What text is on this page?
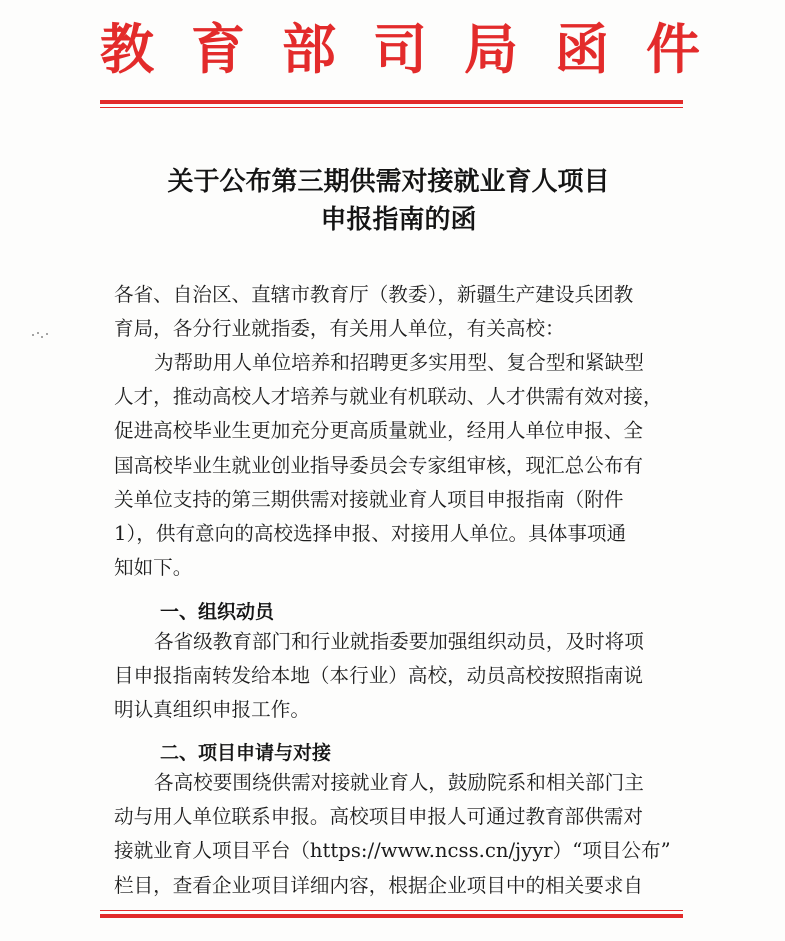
教 育 部 司 局 函 件
关于公布第三期供需对接就业育人项目
申报指南的函
各省、自治区、直辖市教育厅（教委），新疆生产建设兵团教
育局，各分行业就指委，有关用人单位，有关高校：
为帮助用人单位培养和招聘更多实用型、复合型和紧缺型
人才，推动高校人才培养与就业有机联动、人才供需有效对接，
促进高校毕业生更加充分更高质量就业，经用人单位申报、全
国高校毕业生就业创业指导委员会专家组审核，现汇总公布有
关单位支持的第三期供需对接就业育人项目申报指南（附件
1），供有意向的高校选择申报、对接用人单位。具体事项通
知如下。
一、组织动员
各省级教育部门和行业就指委要加强组织动员，及时将项
目申报指南转发给本地（本行业）高校，动员高校按照指南说
明认真组织申报工作。
二、项目申请与对接
各高校要围绕供需对接就业育人，鼓励院系和相关部门主
动与用人单位联系申报。高校项目申报人可通过教育部供需对
接就业育人项目平台（https://www.ncss.cn/jyyr）“项目公布”
栏目，查看企业项目详细内容，根据企业项目中的相关要求自
